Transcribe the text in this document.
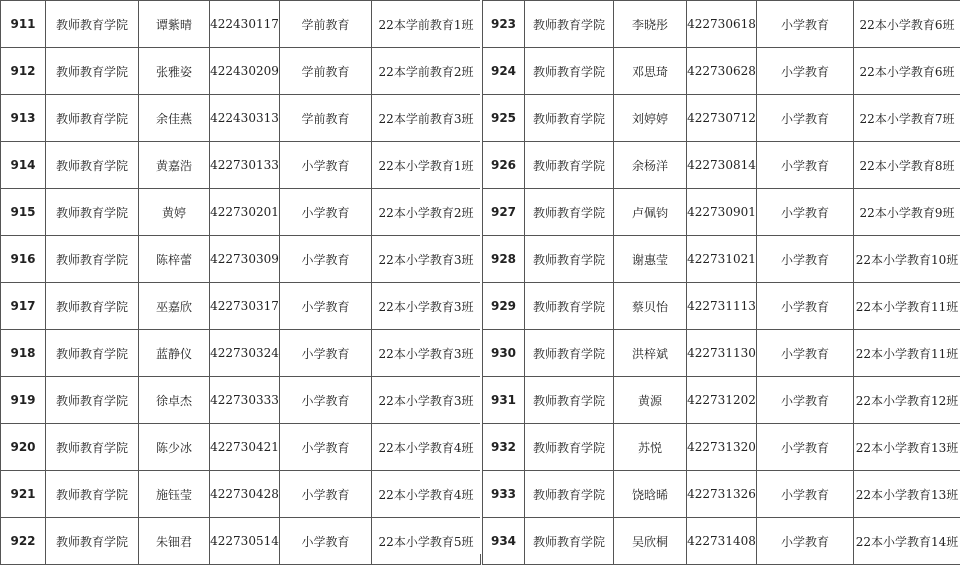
911	教师教育学院	谭紫晴	422430117	学前教育	22本学前教育1班
912	教师教育学院	张雅姿	422430209	学前教育	22本学前教育2班
913	教师教育学院	余佳燕	422430313	学前教育	22本学前教育3班
914	教师教育学院	黄嘉浩	422730133	小学教育	22本小学教育1班
915	教师教育学院	黄婷	422730201	小学教育	22本小学教育2班
916	教师教育学院	陈梓蕾	422730309	小学教育	22本小学教育3班
917	教师教育学院	巫嘉欣	422730317	小学教育	22本小学教育3班
918	教师教育学院	蓝静仪	422730324	小学教育	22本小学教育3班
919	教师教育学院	徐卓杰	422730333	小学教育	22本小学教育3班
920	教师教育学院	陈少冰	422730421	小学教育	22本小学教育4班
921	教师教育学院	施钰莹	422730428	小学教育	22本小学教育4班
922	教师教育学院	朱钿君	422730514	小学教育	22本小学教育5班
923	教师教育学院	李晓彤	422730618	小学教育	22本小学教育6班
924	教师教育学院	邓思琦	422730628	小学教育	22本小学教育6班
925	教师教育学院	刘婷婷	422730712	小学教育	22本小学教育7班
926	教师教育学院	余杨洋	422730814	小学教育	22本小学教育8班
927	教师教育学院	卢佩钧	422730901	小学教育	22本小学教育9班
928	教师教育学院	谢惠莹	422731021	小学教育	22本小学教育10班
929	教师教育学院	蔡贝怡	422731113	小学教育	22本小学教育11班
930	教师教育学院	洪梓斌	422731130	小学教育	22本小学教育11班
931	教师教育学院	黄源	422731202	小学教育	22本小学教育12班
932	教师教育学院	苏悦	422731320	小学教育	22本小学教育13班
933	教师教育学院	饶晗晞	422731326	小学教育	22本小学教育13班
934	教师教育学院	吴欣桐	422731408	小学教育	22本小学教育14班
